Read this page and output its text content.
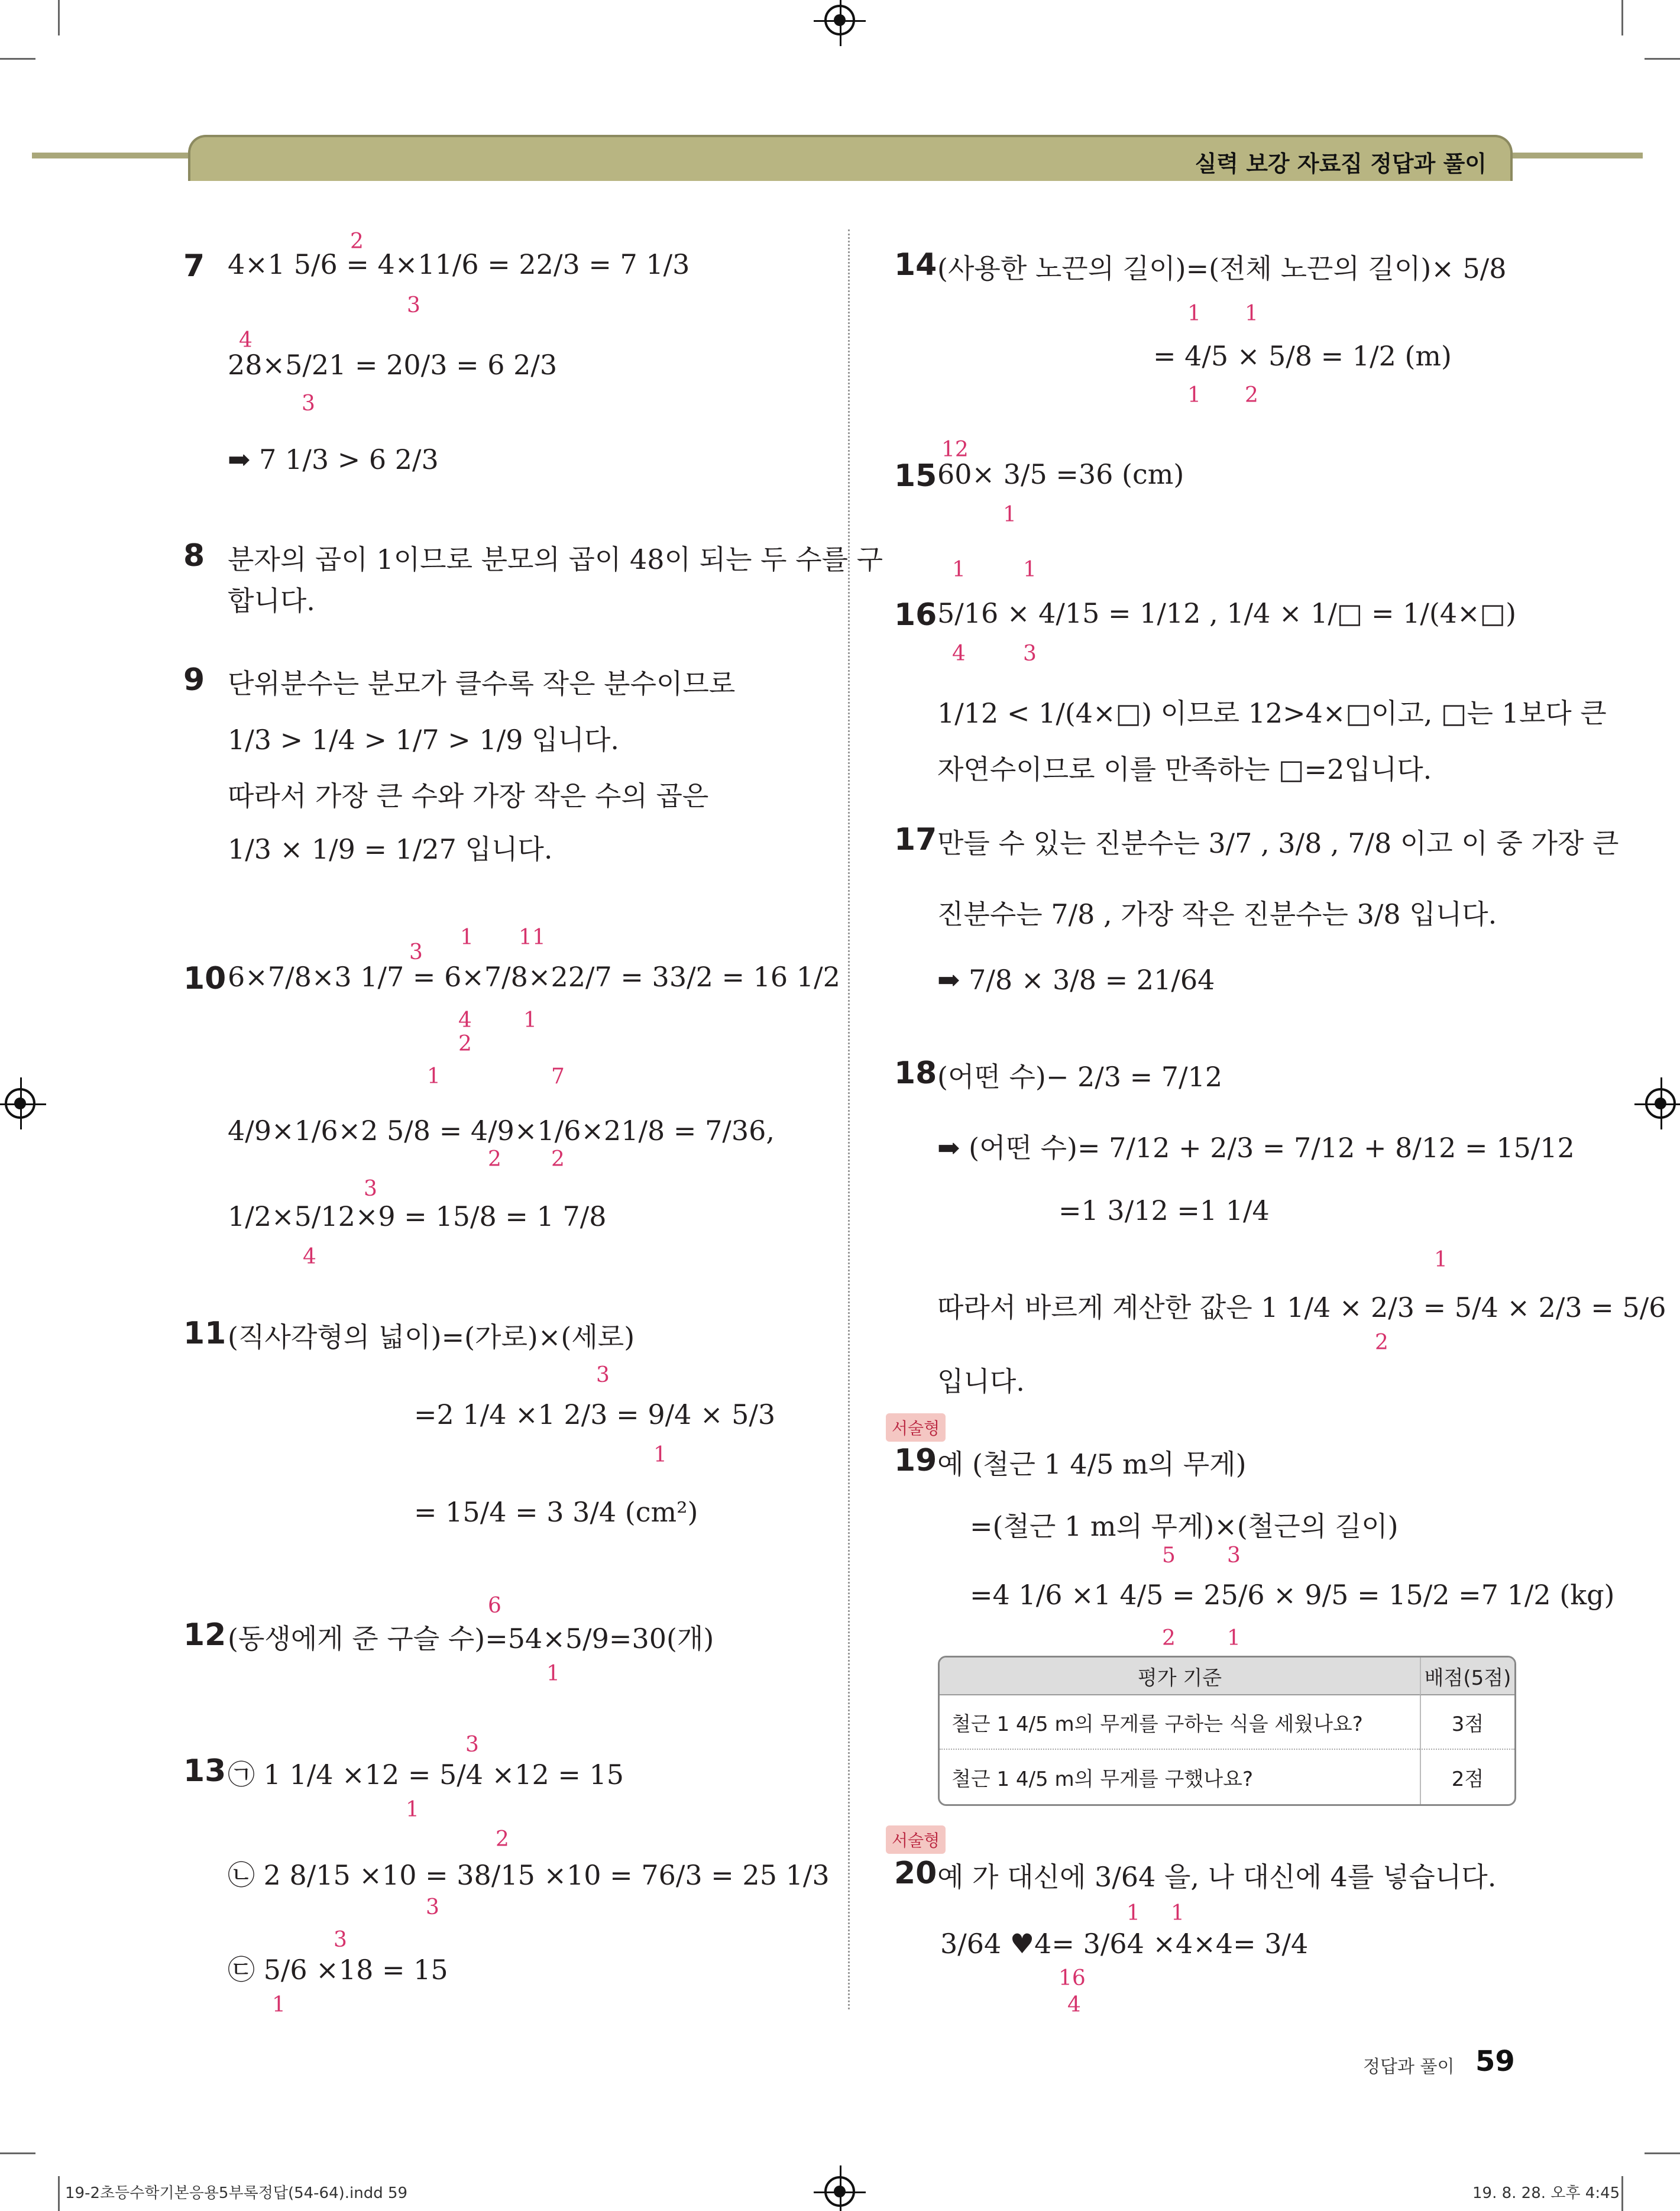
실력 보강 자료집 정답과 풀이
7 4×1 5/6 = 4×11/6 = 22/3 = 7 1/3
2
3
28×5/21 = 20/3 = 6 2/3
4
3
➡ 7 1/3 > 6 2/3
8 분자의 곱이 1이므로 분모의 곱이 48이 되는 두 수를 구
합니다.
9 단위분수는 분모가 클수록 작은 분수이므로
1/3 > 1/4 > 1/7 > 1/9 입니다.
따라서 가장 큰 수와 가장 작은 수의 곱은
1/3 × 1/9 = 1/27 입니다.
10 6×7/8×3 1/7 = 6×7/8×22/7 = 33/2 = 16 1/2
3
1 11
4
2
1
4/9×1/6×2 5/8 = 4/9×1/6×21/8 = 7/36,
1	7
2 2
1/2×5/12×9 = 15/8 = 1 7/8
3
4
11 (직사각형의 넓이)=(가로)×(세로)
=2 1/4 ×1 2/3 = 9/4 × 5/3
3
1
= 15/4 = 3 3/4 (cm²)
12 (동생에게 준 구슬 수)=54×5/9=30(개)
6
1
13 ㉠ 1 1/4 ×12 = 5/4 ×12 = 15
3
1
㉡ 2 8/15 ×10 = 38/15 ×10 = 76/3 = 25 1/3
2
3
㉢ 5/6 ×18 = 15
3
1
14 (사용한 노끈의 길이)=(전체 노끈의 길이)× 5/8
1 1
= 4/5 × 5/8 = 1/2 (m)
1 2
15 60× 3/5 =36 (cm)
12
1
16 5/16 × 4/15 = 1/12 , 1/4 × 1/□ = 1/(4×□)
1	1
4	3
1/12 < 1/(4×□) 이므로 12>4×□이고, □는 1보다 큰
자연수이므로 이를 만족하는 □=2입니다.
17 만들 수 있는 진분수는 3/7 , 3/8 , 7/8 이고 이 중 가장 큰
진분수는 7/8 , 가장 작은 진분수는 3/8 입니다.
➡ 7/8 × 3/8 = 21/64
18 (어떤 수)− 2/3 = 7/12
➡ (어떤 수)= 7/12 + 2/3 = 7/12 + 8/12 = 15/12
=1 3/12 =1 1/4
따라서 바르게 계산한 값은 1 1/4 × 2/3 = 5/4 × 2/3 = 5/6
1
2
입니다.
서술형
19 예 (철근 1 4/5 m의 무게)
=(철근 1 m의 무게)×(철근의 길이)
5 3
=4 1/6 ×1 4/5 = 25/6 × 9/5 = 15/2 =7 1/2 (kg)
2 1
평가 기준	배점(5점)
철근 1 4/5 m의 무게를 구하는 식을 세웠나요?	3점
철근 1 4/5 m의 무게를 구했나요?	2점
서술형
20 예 가 대신에 3/64 을, 나 대신에 4를 넣습니다.
3/64 ♥4= 3/64 ×4×4= 3/4
1 1
16
4
정답과 풀이 59
19-2초등수학기본응용5부록정답(54-64).indd 59	19. 8. 28. 오후 4:45
